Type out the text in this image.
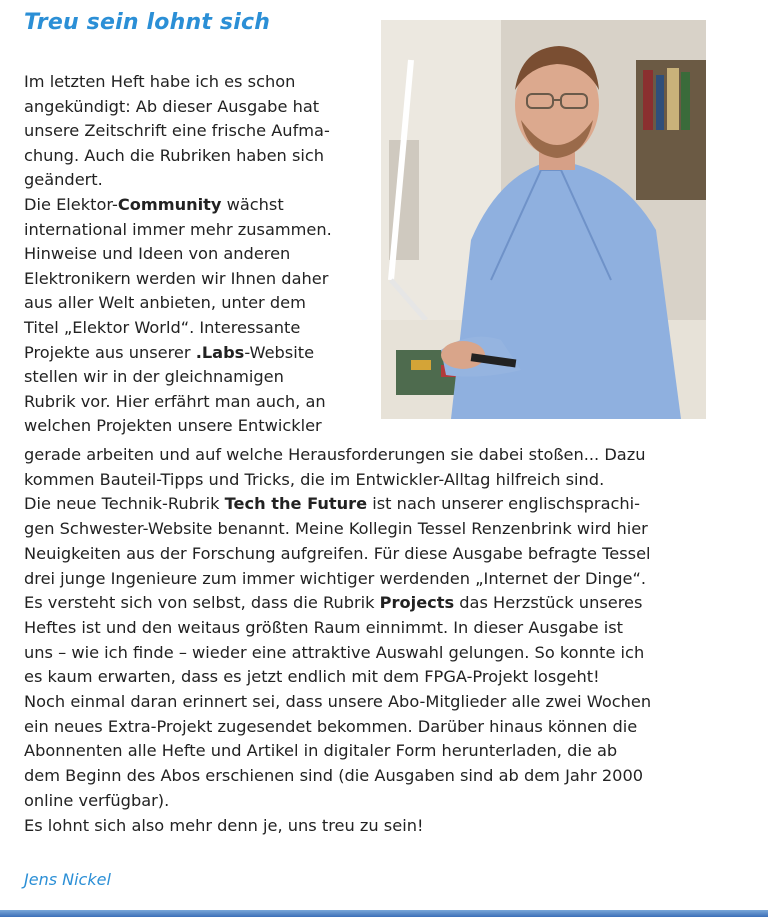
Treu sein lohnt sich

Im letzten Heft habe ich es schon
angekündigt: Ab dieser Ausgabe hat
unsere Zeitschrift eine frische Aufma-
chung. Auch die Rubriken haben sich
geändert.
Die Elektor-Community wächst
international immer mehr zusammen.
Hinweise und Ideen von anderen
Elektronikern werden wir Ihnen daher
aus aller Welt anbieten, unter dem
Titel „Elektor World“. Interessante
Projekte aus unserer .Labs-Website
stellen wir in der gleichnamigen
Rubrik vor. Hier erfährt man auch, an
welchen Projekten unsere Entwickler

gerade arbeiten und auf welche Herausforderungen sie dabei stoßen... Dazu
kommen Bauteil-Tipps und Tricks, die im Entwickler-Alltag hilfreich sind.
Die neue Technik-Rubrik Tech the Future ist nach unserer englischsprachi-
gen Schwester-Website benannt. Meine Kollegin Tessel Renzenbrink wird hier
Neuigkeiten aus der Forschung aufgreifen. Für diese Ausgabe befragte Tessel
drei junge Ingenieure zum immer wichtiger werdenden „Internet der Dinge“.
Es versteht sich von selbst, dass die Rubrik Projects das Herzstück unseres
Heftes ist und den weitaus größten Raum einnimmt. In dieser Ausgabe ist
uns – wie ich finde – wieder eine attraktive Auswahl gelungen. So konnte ich
es kaum erwarten, dass es jetzt endlich mit dem FPGA-Projekt losgeht!
Noch einmal daran erinnert sei, dass unsere Abo-Mitglieder alle zwei Wochen
ein neues Extra-Projekt zugesendet bekommen. Darüber hinaus können die
Abonnenten alle Hefte und Artikel in digitaler Form herunterladen, die ab
dem Beginn des Abos erschienen sind (die Ausgaben sind ab dem Jahr 2000
online verfügbar).
Es lohnt sich also mehr denn je, uns treu zu sein!

Jens Nickel
